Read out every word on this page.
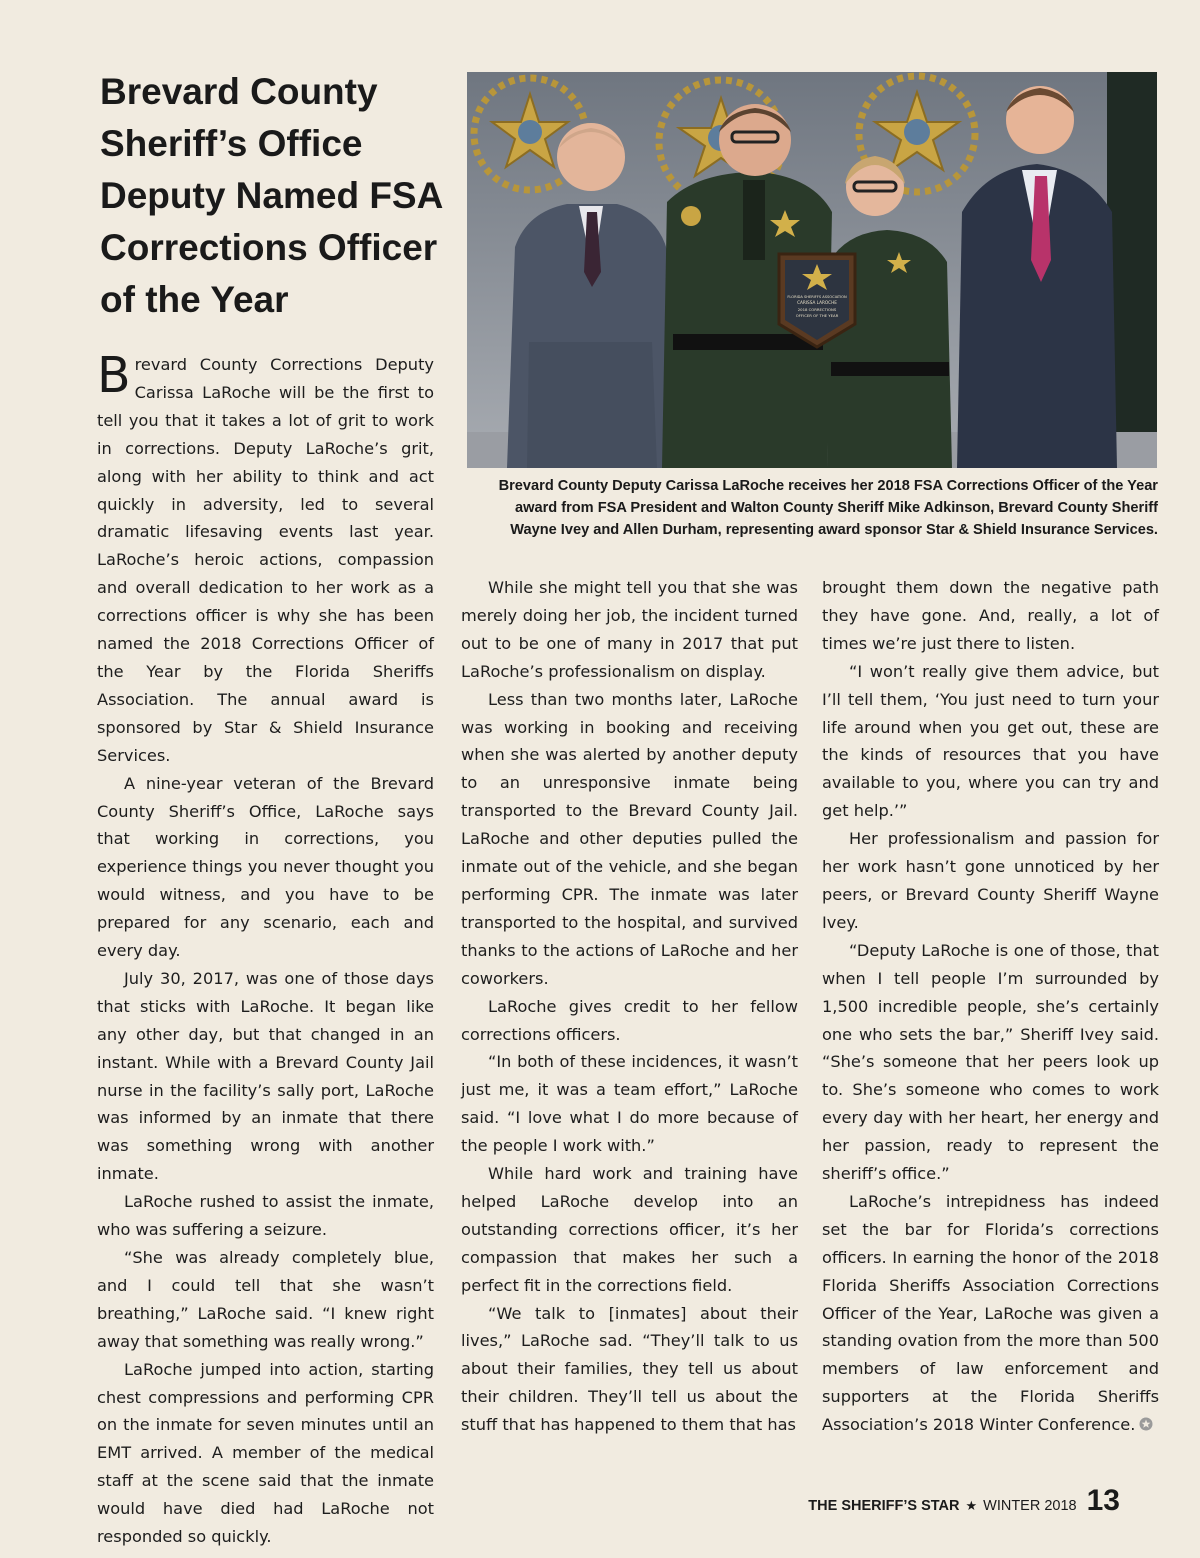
Brevard County Sheriff’s Office Deputy Named FSA Corrections Officer of the Year	FLORIDA SHERIFFS ASSOCIATION
CARISSA LAROCHE
2018 CORRECTIONS
OFFICER OF THE YEAR
Brevard County Deputy Carissa LaRoche receives her 2018 FSA Corrections Officer of the Year award from FSA President and Walton County Sheriff Mike Adkinson, Brevard County Sheriff Wayne Ivey and Allen Durham, representing award sponsor Star & Shield Insurance Services.

Brevard County Corrections Deputy Carissa LaRoche will be the first to tell you that it takes a lot of grit to work in corrections. Deputy LaRoche’s grit, along with her ability to think and act quickly in adversity, led to several dramatic lifesaving events last year. LaRoche’s heroic actions, compassion and overall dedication to her work as a corrections officer is why she has been named the 2018 Corrections Officer of the Year by the Florida Sheriffs Association. The annual award is sponsored by Star & Shield Insurance Services.

A nine-year veteran of the Brevard County Sheriff’s Office, LaRoche says that working in corrections, you experience things you never thought you would witness, and you have to be prepared for any scenario, each and every day.

July 30, 2017, was one of those days that sticks with LaRoche. It began like any other day, but that changed in an instant. While with a Brevard County Jail nurse in the facility’s sally port, LaRoche was informed by an inmate that there was something wrong with another inmate.

LaRoche rushed to assist the inmate, who was suffering a seizure.

“She was already completely blue, and I could tell that she wasn’t breathing,” LaRoche said. “I knew right away that something was really wrong.”

LaRoche jumped into action, starting chest compressions and performing CPR on the inmate for seven minutes until an EMT arrived. A member of the medical staff at the scene said that the inmate would have died had LaRoche not responded so quickly.

While she might tell you that she was merely doing her job, the incident turned out to be one of many in 2017 that put LaRoche’s professionalism on display.

Less than two months later, LaRoche was working in booking and receiving when she was alerted by another deputy to an unresponsive inmate being transported to the Brevard County Jail. LaRoche and other deputies pulled the inmate out of the vehicle, and she began performing CPR. The inmate was later transported to the hospital, and survived thanks to the actions of LaRoche and her coworkers.

LaRoche gives credit to her fellow corrections officers.

“In both of these incidences, it wasn’t just me, it was a team effort,” LaRoche said. “I love what I do more because of the people I work with.”

While hard work and training have helped LaRoche develop into an outstanding corrections officer, it’s her compassion that makes her such a perfect fit in the corrections field.

“We talk to [inmates] about their lives,” LaRoche sad. “They’ll talk to us about their families, they tell us about their children. They’ll tell us about the stuff that has happened to them that has

brought them down the negative path they have gone. And, really, a lot of times we’re just there to listen.

“I won’t really give them advice, but I’ll tell them, ‘You just need to turn your life around when you get out, these are the kinds of resources that you have available to you, where you can try and get help.’”

Her professionalism and passion for her work hasn’t gone unnoticed by her peers, or Brevard County Sheriff Wayne Ivey.

“Deputy LaRoche is one of those, that when I tell people I’m surrounded by 1,500 incredible people, she’s certainly one who sets the bar,” Sheriff Ivey said. “She’s someone that her peers look up to. She’s someone who comes to work every day with her heart, her energy and her passion, ready to represent the sheriff’s office.”

LaRoche’s intrepidness has indeed set the bar for Florida’s corrections officers. In earning the honor of the 2018 Florida Sheriffs Association Corrections Officer of the Year, LaRoche was given a standing ovation from the more than 500 members of law enforcement and supporters at the Florida Sheriffs Association’s 2018 Winter Conference.

THE SHERIFF’S STAR ★ WINTER 2018 13
